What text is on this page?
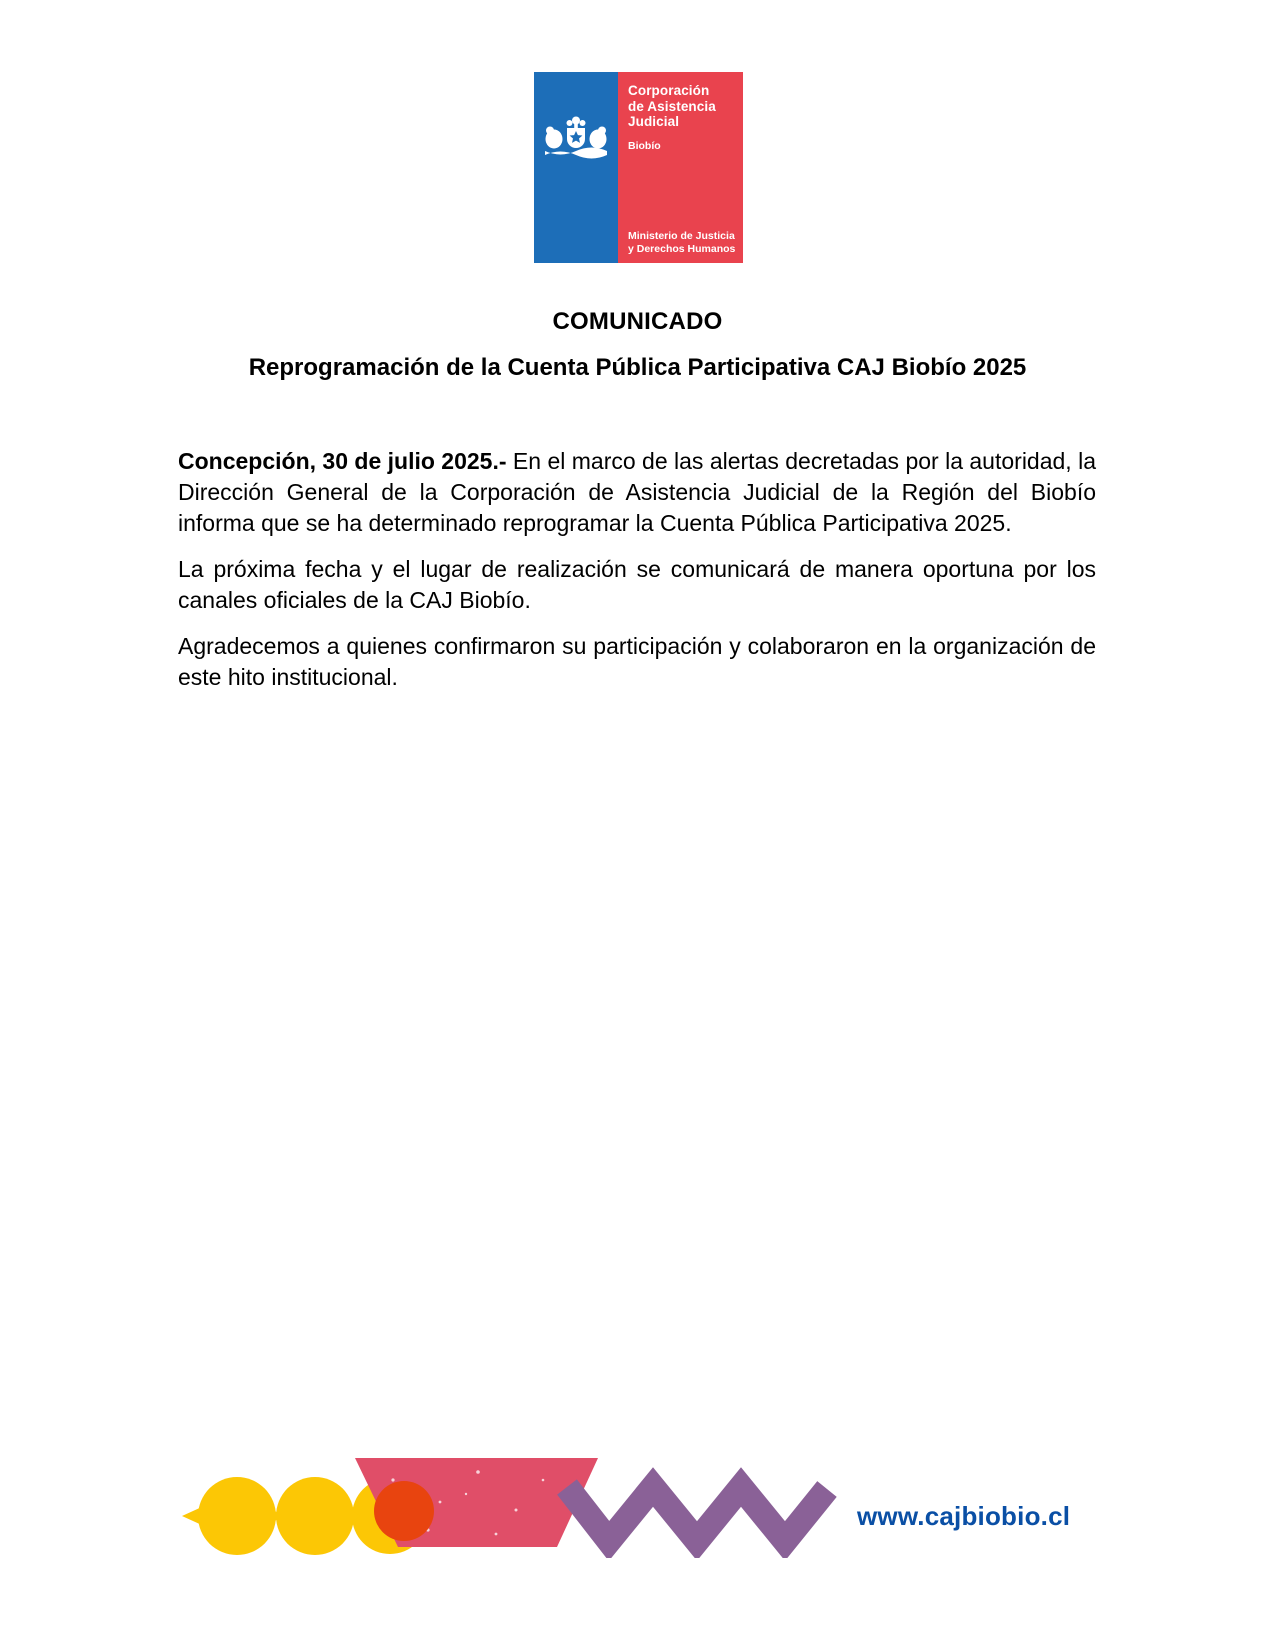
Corporación
de Asistencia
Judicial
Biobío
Ministerio de Justicia
y Derechos Humanos
COMUNICADO
Reprogramación de la Cuenta Pública Participativa CAJ Biobío 2025

Concepción, 30 de julio 2025.- En el marco de las alertas decretadas por la autoridad, la Dirección General de la Corporación de Asistencia Judicial de la Región del Biobío informa que se ha determinado reprogramar la Cuenta Pública Participativa 2025.

La próxima fecha y el lugar de realización se comunicará de manera oportuna por los canales oficiales de la CAJ Biobío.

Agradecemos a quienes confirmaron su participación y colaboraron en la organización de este hito institucional.

www.cajbiobio.cl
